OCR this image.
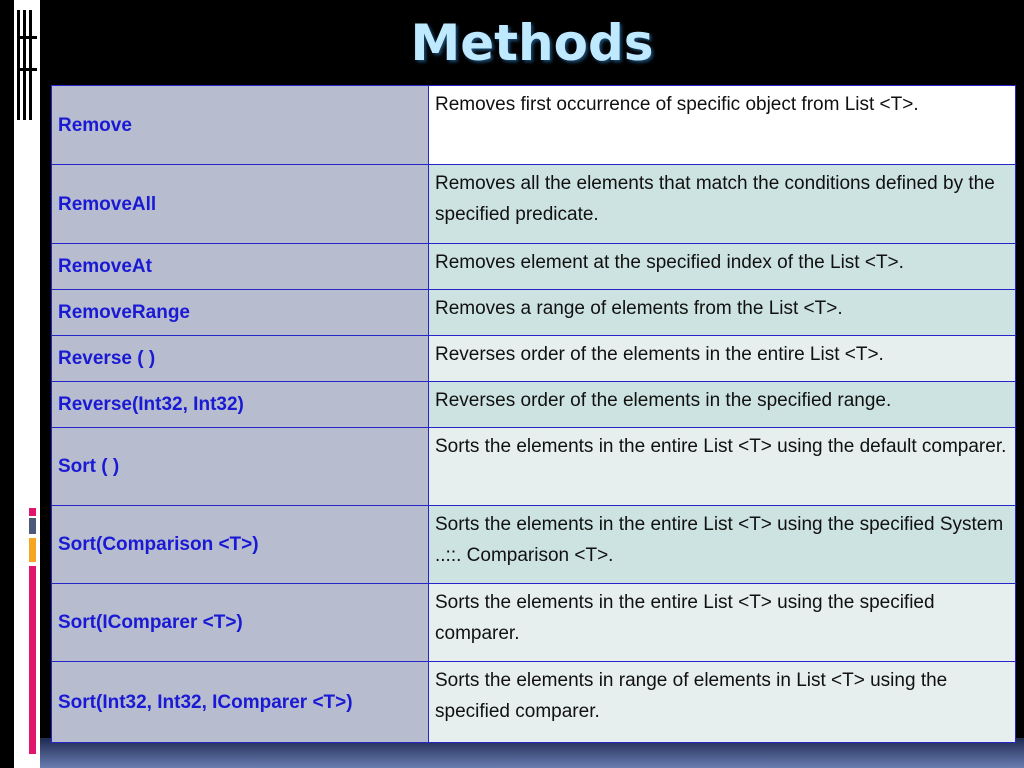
Methods
Remove	Removes first occurrence of specific object from List <T>.
RemoveAll	Removes all the elements that match the conditions defined by the specified predicate.
RemoveAt	Removes element at the specified index of the List <T>.
RemoveRange	Removes a range of elements from the List <T>.
Reverse ( )	Reverses order of the elements in the entire List <T>.
Reverse(Int32, Int32)	Reverses order of the elements in the specified range.
Sort ( )	Sorts the elements in the entire List <T> using the default comparer.
Sort(Comparison <T>)	Sorts the elements in the entire List <T> using the specified System ..::. Comparison <T>.
Sort(IComparer <T>)	Sorts the elements in the entire List <T> using the specified comparer.
Sort(Int32, Int32, IComparer <T>)	Sorts the elements in range of elements in List <T> using the specified comparer.
